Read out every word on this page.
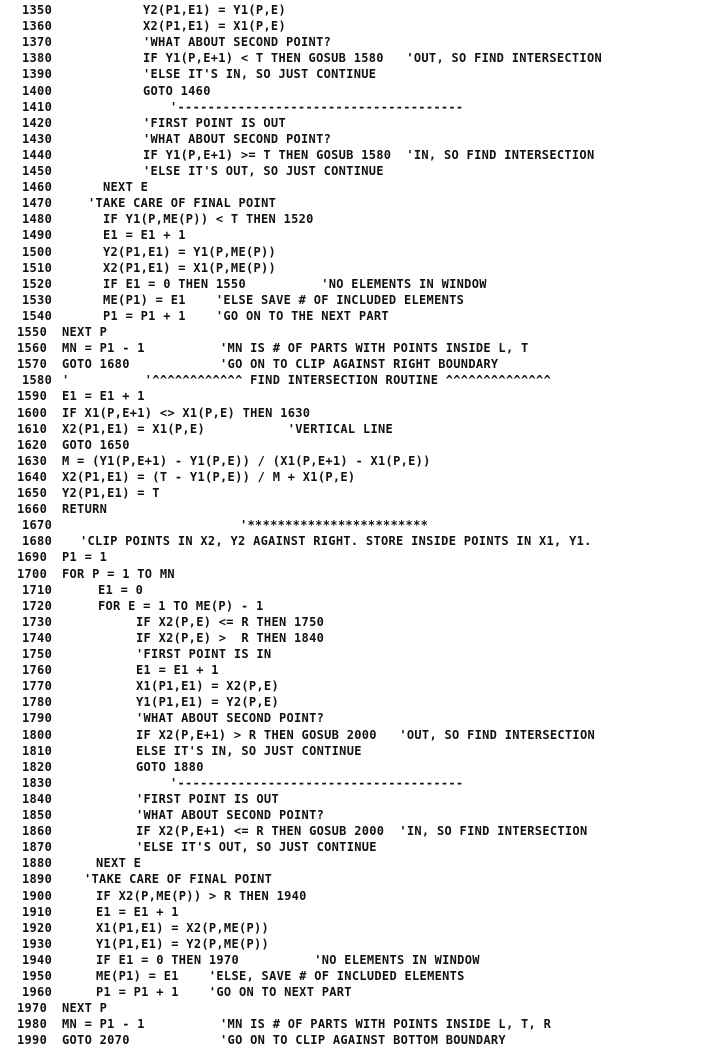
1350	Y2(P1,E1) = Y1(P,E)
1360	X2(P1,E1) = X1(P,E)
1370	'WHAT ABOUT SECOND POINT?
1380	IF Y1(P,E+1) < T THEN GOSUB 1580   'OUT, SO FIND INTERSECTION
1390	'ELSE IT'S IN, SO JUST CONTINUE
1400	GOTO 1460
1410	'--------------------------------------
1420	'FIRST POINT IS OUT
1430	'WHAT ABOUT SECOND POINT?
1440	IF Y1(P,E+1) >= T THEN GOSUB 1580  'IN, SO FIND INTERSECTION
1450	'ELSE IT'S OUT, SO JUST CONTINUE
1460	NEXT E
1470	'TAKE CARE OF FINAL POINT
1480	IF Y1(P,ME(P)) < T THEN 1520
1490	E1 = E1 + 1
1500	Y2(P1,E1) = Y1(P,ME(P))
1510	X2(P1,E1) = X1(P,ME(P))
1520	IF E1 = 0 THEN 1550          'NO ELEMENTS IN WINDOW
1530	ME(P1) = E1    'ELSE SAVE # OF INCLUDED ELEMENTS
1540	P1 = P1 + 1    'GO ON TO THE NEXT PART
1550 NEXT P
1560 MN = P1 - 1          'MN IS # OF PARTS WITH POINTS INSIDE L, T
1570 GOTO 1680            'GO ON TO CLIP AGAINST RIGHT BOUNDARY
1580 '          '^^^^^^^^^^^^ FIND INTERSECTION ROUTINE ^^^^^^^^^^^^^^
1590 E1 = E1 + 1
1600 IF X1(P,E+1) <> X1(P,E) THEN 1630
1610 X2(P1,E1) = X1(P,E)           'VERTICAL LINE
1620 GOTO 1650
1630 M = (Y1(P,E+1) - Y1(P,E)) / (X1(P,E+1) - X1(P,E))
1640 X2(P1,E1) = (T - Y1(P,E)) / M + X1(P,E)
1650 Y2(P1,E1) = T
1660 RETURN
1670	'************************
1680 'CLIP POINTS IN X2, Y2 AGAINST RIGHT. STORE INSIDE POINTS IN X1, Y1.
1690 P1 = 1
1700 FOR P = 1 TO MN
1710	E1 = 0
1720	FOR E = 1 TO ME(P) - 1
1730	IF X2(P,E) <= R THEN 1750
1740	IF X2(P,E) >  R THEN 1840
1750	'FIRST POINT IS IN
1760	E1 = E1 + 1
1770	X1(P1,E1) = X2(P,E)
1780	Y1(P1,E1) = Y2(P,E)
1790	'WHAT ABOUT SECOND POINT?
1800	IF X2(P,E+1) > R THEN GOSUB 2000   'OUT, SO FIND INTERSECTION
1810	ELSE IT'S IN, SO JUST CONTINUE
1820	GOTO 1880
1830	'--------------------------------------
1840	'FIRST POINT IS OUT
1850	'WHAT ABOUT SECOND POINT?
1860	IF X2(P,E+1) <= R THEN GOSUB 2000  'IN, SO FIND INTERSECTION
1870	'ELSE IT'S OUT, SO JUST CONTINUE
1880	NEXT E
1890	'TAKE CARE OF FINAL POINT
1900	IF X2(P,ME(P)) > R THEN 1940
1910	E1 = E1 + 1
1920	X1(P1,E1) = X2(P,ME(P))
1930	Y1(P1,E1) = Y2(P,ME(P))
1940	IF E1 = 0 THEN 1970          'NO ELEMENTS IN WINDOW
1950	ME(P1) = E1    'ELSE, SAVE # OF INCLUDED ELEMENTS
1960	P1 = P1 + 1    'GO ON TO NEXT PART
1970 NEXT P
1980 MN = P1 - 1          'MN IS # OF PARTS WITH POINTS INSIDE L, T, R
1990 GOTO 2070            'GO ON TO CLIP AGAINST BOTTOM BOUNDARY
